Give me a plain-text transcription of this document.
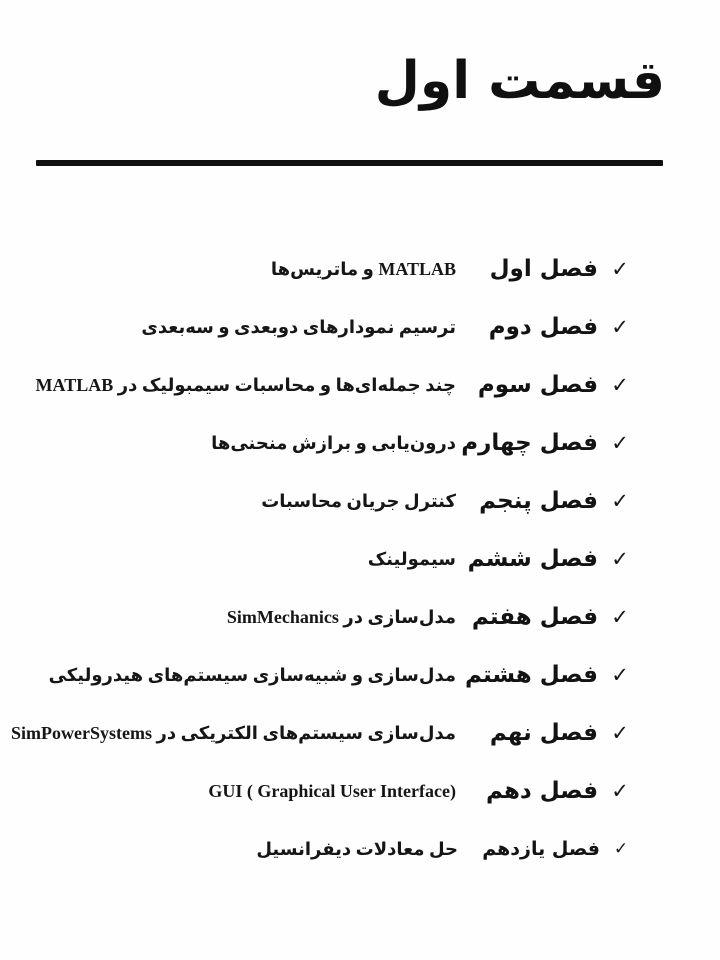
قسمت اول
✓
فصل اول
MATLAB و ماتریس‌ها
✓
فصل دوم
ترسیم نمودارهای دوبعدی و سه‌بعدی
✓
فصل سوم
چند جمله‌ای‌ها و محاسبات سیمبولیک در MATLAB
✓
فصل چهارم
درون‌یابی و برازش منحنی‌ها
✓
فصل پنجم
کنترل جریان محاسبات
✓
فصل ششم
سیمولینک
✓
فصل هفتم
مدل‌سازی در SimMechanics
✓
فصل هشتم
مدل‌سازی و شبیه‌سازی سیستم‌های هیدرولیکی
✓
فصل نهم
مدل‌سازی سیستم‌های الکتریکی در SimPowerSystems
✓
فصل دهم
GUI ( Graphical User Interface)
✓
فصل یازدهم
حل معادلات دیفرانسیل
